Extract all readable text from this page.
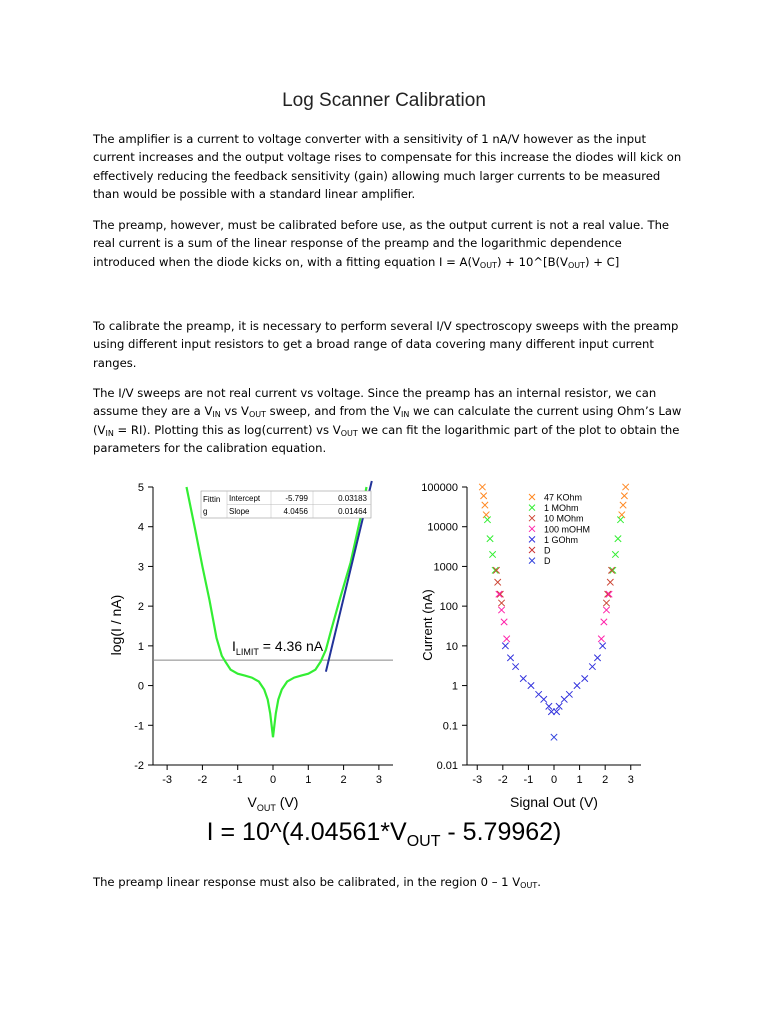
Log Scanner Calibration

The amplifier is a current to voltage converter with a sensitivity of 1 nA/V however as the input current increases and the output voltage rises to compensate for this increase the diodes will kick on effectively reducing the feedback sensitivity (gain) allowing much larger currents to be measured than would be possible with a standard linear amplifier.

The preamp, however, must be calibrated before use, as the output current is not a real value. The real current is a sum of the linear response of the preamp and the logarithmic dependence introduced when the diode kicks on, with a fitting equation $I = A(V_{OUT})$ + $10\^{}[B(V_{OUT}) + C]$

To calibrate the preamp, it is necessary to perform several I/V spectroscopy sweeps with the preamp using different input resistors to get a broad range of data covering many different input current ranges.

The I/V sweeps are not real current vs voltage. Since the preamp has an internal resistor, we can assume they are a $V_{IN}$ vs $V_{OUT}$ sweep, and from the $V_{IN}$ we can calculate the current using Ohm’s Law $(V_{IN} = RI)$. Plotting this as log(current) vs $V_{OUT}$ we can fit the logarithmic part of the plot to obtain the parameters for the calibration equation.

-2
-1
0
1
2
3
4
5
-3 -2 -1 0	1	2	3
Fittin
g
Intercept	-5.799	0.03183
Slope	4.0456	0.01464
$I_{LIMIT} = 4.36$ nA
$V_{OUT}$ (V)
log(I / nA)
0.01
0.1
1
10
100
1000
10000
100000
-3 -2 -1 0 1 2 3
47 KOhm
1 MOhm
10 MOhm
100 mOHM
1 GOhm
D
D
Signal Out (V)
Current (nA)
$I = 10\^{}(4.04561*V_{OUT} - 5.79962)$

The preamp linear response must also be calibrated, in the region 0 – 1 $V_{OUT}$.
